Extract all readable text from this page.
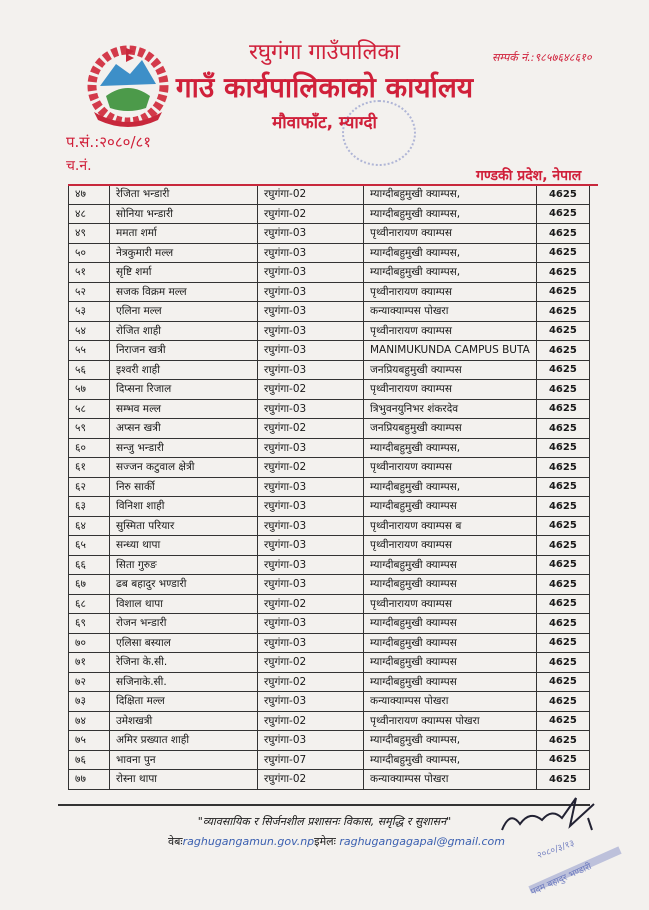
रघुगंगा गाउँपालिका
गाउँ कार्यपालिकाको कार्यालय
मौवाफाँट, म्याग्दी
सम्पर्क नं.:९८५७६४८६१०
प.सं.:२०८०/८१
च.नं.
गण्डकी प्रदेश, नेपाल
४७	रेजिता भन्डारी	रघुगंगा-02	म्याग्दीबहुमुखी क्याम्पस,	4625
४८	सोनिया भन्डारी	रघुगंगा-02	म्याग्दीबहुमुखी क्याम्पस,	4625
४९	ममता शर्मा	रघुगंगा-03	पृथ्वीनारायण क्याम्पस	4625
५०	नेत्रकुमारी मल्ल	रघुगंगा-03	म्याग्दीबहुमुखी क्याम्पस,	4625
५१	सृष्टि शर्मा	रघुगंगा-03	म्याग्दीबहुमुखी क्याम्पस,	4625
५२	सजक विक्रम मल्ल	रघुगंगा-03	पृथ्वीनारायण क्याम्पस	4625
५३	एलिना मल्ल	रघुगंगा-03	कन्याक्याम्पस पोखरा	4625
५४	रोजित शाही	रघुगंगा-03	पृथ्वीनारायण क्याम्पस	4625
५५	निराजन खत्री	रघुगंगा-03	MANIMUKUNDA CAMPUS BUTA	4625
५६	इश्वरी शाही	रघुगंगा-03	जनप्रियबहुमुखी क्याम्पस	4625
५७	दिप्सना रिजाल	रघुगंगा-02	पृथ्वीनारायण क्याम्पस	4625
५८	सम्भव मल्ल	रघुगंगा-03	त्रिभुवनयुनिभर शंकरदेव	4625
५९	अप्सन खत्री	रघुगंगा-02	जनप्रियबहुमुखी क्याम्पस	4625
६०	सन्जु भन्डारी	रघुगंगा-03	म्याग्दीबहुमुखी क्याम्पस,	4625
६१	सज्जन कटुवाल क्षेत्री	रघुगंगा-02	पृथ्वीनारायण क्याम्पस	4625
६२	निरु सार्की	रघुगंगा-03	म्याग्दीबहुमुखी क्याम्पस,	4625
६३	विनिशा शाही	रघुगंगा-03	म्याग्दीबहुमुखी क्याम्पस	4625
६४	सुस्मिता परियार	रघुगंगा-03	पृथ्वीनारायण क्याम्पस ब	4625
६५	सन्ध्या थापा	रघुगंगा-03	पृथ्वीनारायण क्याम्पस	4625
६६	सिता गुरुङ	रघुगंगा-03	म्याग्दीबहुमुखी क्याम्पस	4625
६७	ढब बहादुर भण्डारी	रघुगंगा-03	म्याग्दीबहुमुखी क्याम्पस	4625
६८	विशाल थापा	रघुगंगा-02	पृथ्वीनारायण क्याम्पस	4625
६९	रोजन भन्डारी	रघुगंगा-03	म्याग्दीबहुमुखी क्याम्पस	4625
७०	एलिसा बस्याल	रघुगंगा-03	म्याग्दीबहुमुखी क्याम्पस	4625
७१	रेजिना के.सी.	रघुगंगा-02	म्याग्दीबहुमुखी क्याम्पस	4625
७२	सजिनाके.सी.	रघुगंगा-02	म्याग्दीबहुमुखी क्याम्पस	4625
७३	दिक्षिता मल्ल	रघुगंगा-03	कन्याक्याम्पस पोखरा	4625
७४	उमेशखत्री	रघुगंगा-02	पृथ्वीनारायण क्याम्पस पोखरा	4625
७५	अमिर प्रख्यात शाही	रघुगंगा-03	म्याग्दीबहुमुखी क्याम्पस,	4625
७६	भावना पुन	रघुगंगा-07	म्याग्दीबहुमुखी क्याम्पस,	4625
७७	रोस्ना थापा	रघुगंगा-02	कन्याक्याम्पस पोखरा	4625
"व्यावसायिक र सिर्जनशील प्रशासनः विकास, समृद्धि र सुशासन"
वेबःraghugangamun.gov.npइमेलः raghugangagapal@gmail.com	२०८०/३/१३
पदम बहादुर भण्डारी
